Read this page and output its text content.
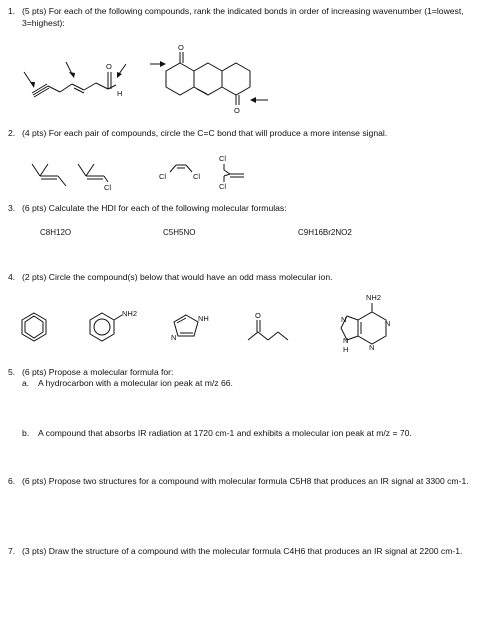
1. (5 pts) For each of the following compounds, rank the indicated bonds in order of increasing wavenumber (1=lowest,
3=highest):
O
H
O
O
2. (4 pts) For each pair of compounds, circle the C=C bond that will produce a more intense signal.
Cl
Cl	Cl
Cl
Cl
3. (6 pts) Calculate the HDI for each of the following molecular formulas:
C8H12O	C5H5NO	C9H16Br2NO2
4. (2 pts) Circle the compound(s) below that would have an odd mass molecular ion.
NH2
NH
N
O
NH2
N	N
N
N
H
5. (6 pts) Propose a molecular formula for:
a. A hydrocarbon with a molecular ion peak at m/z 66.
b. A compound that absorbs IR radiation at 1720 cm-1 and exhibits a molecular ion peak at m/z = 70.
6. (6 pts) Propose two structures for a compound with molecular formula C5H8 that produces an IR signal at 3300 cm-1.
7. (3 pts) Draw the structure of a compound with the molecular formula C4H6 that produces an IR signal at 2200 cm-1.
